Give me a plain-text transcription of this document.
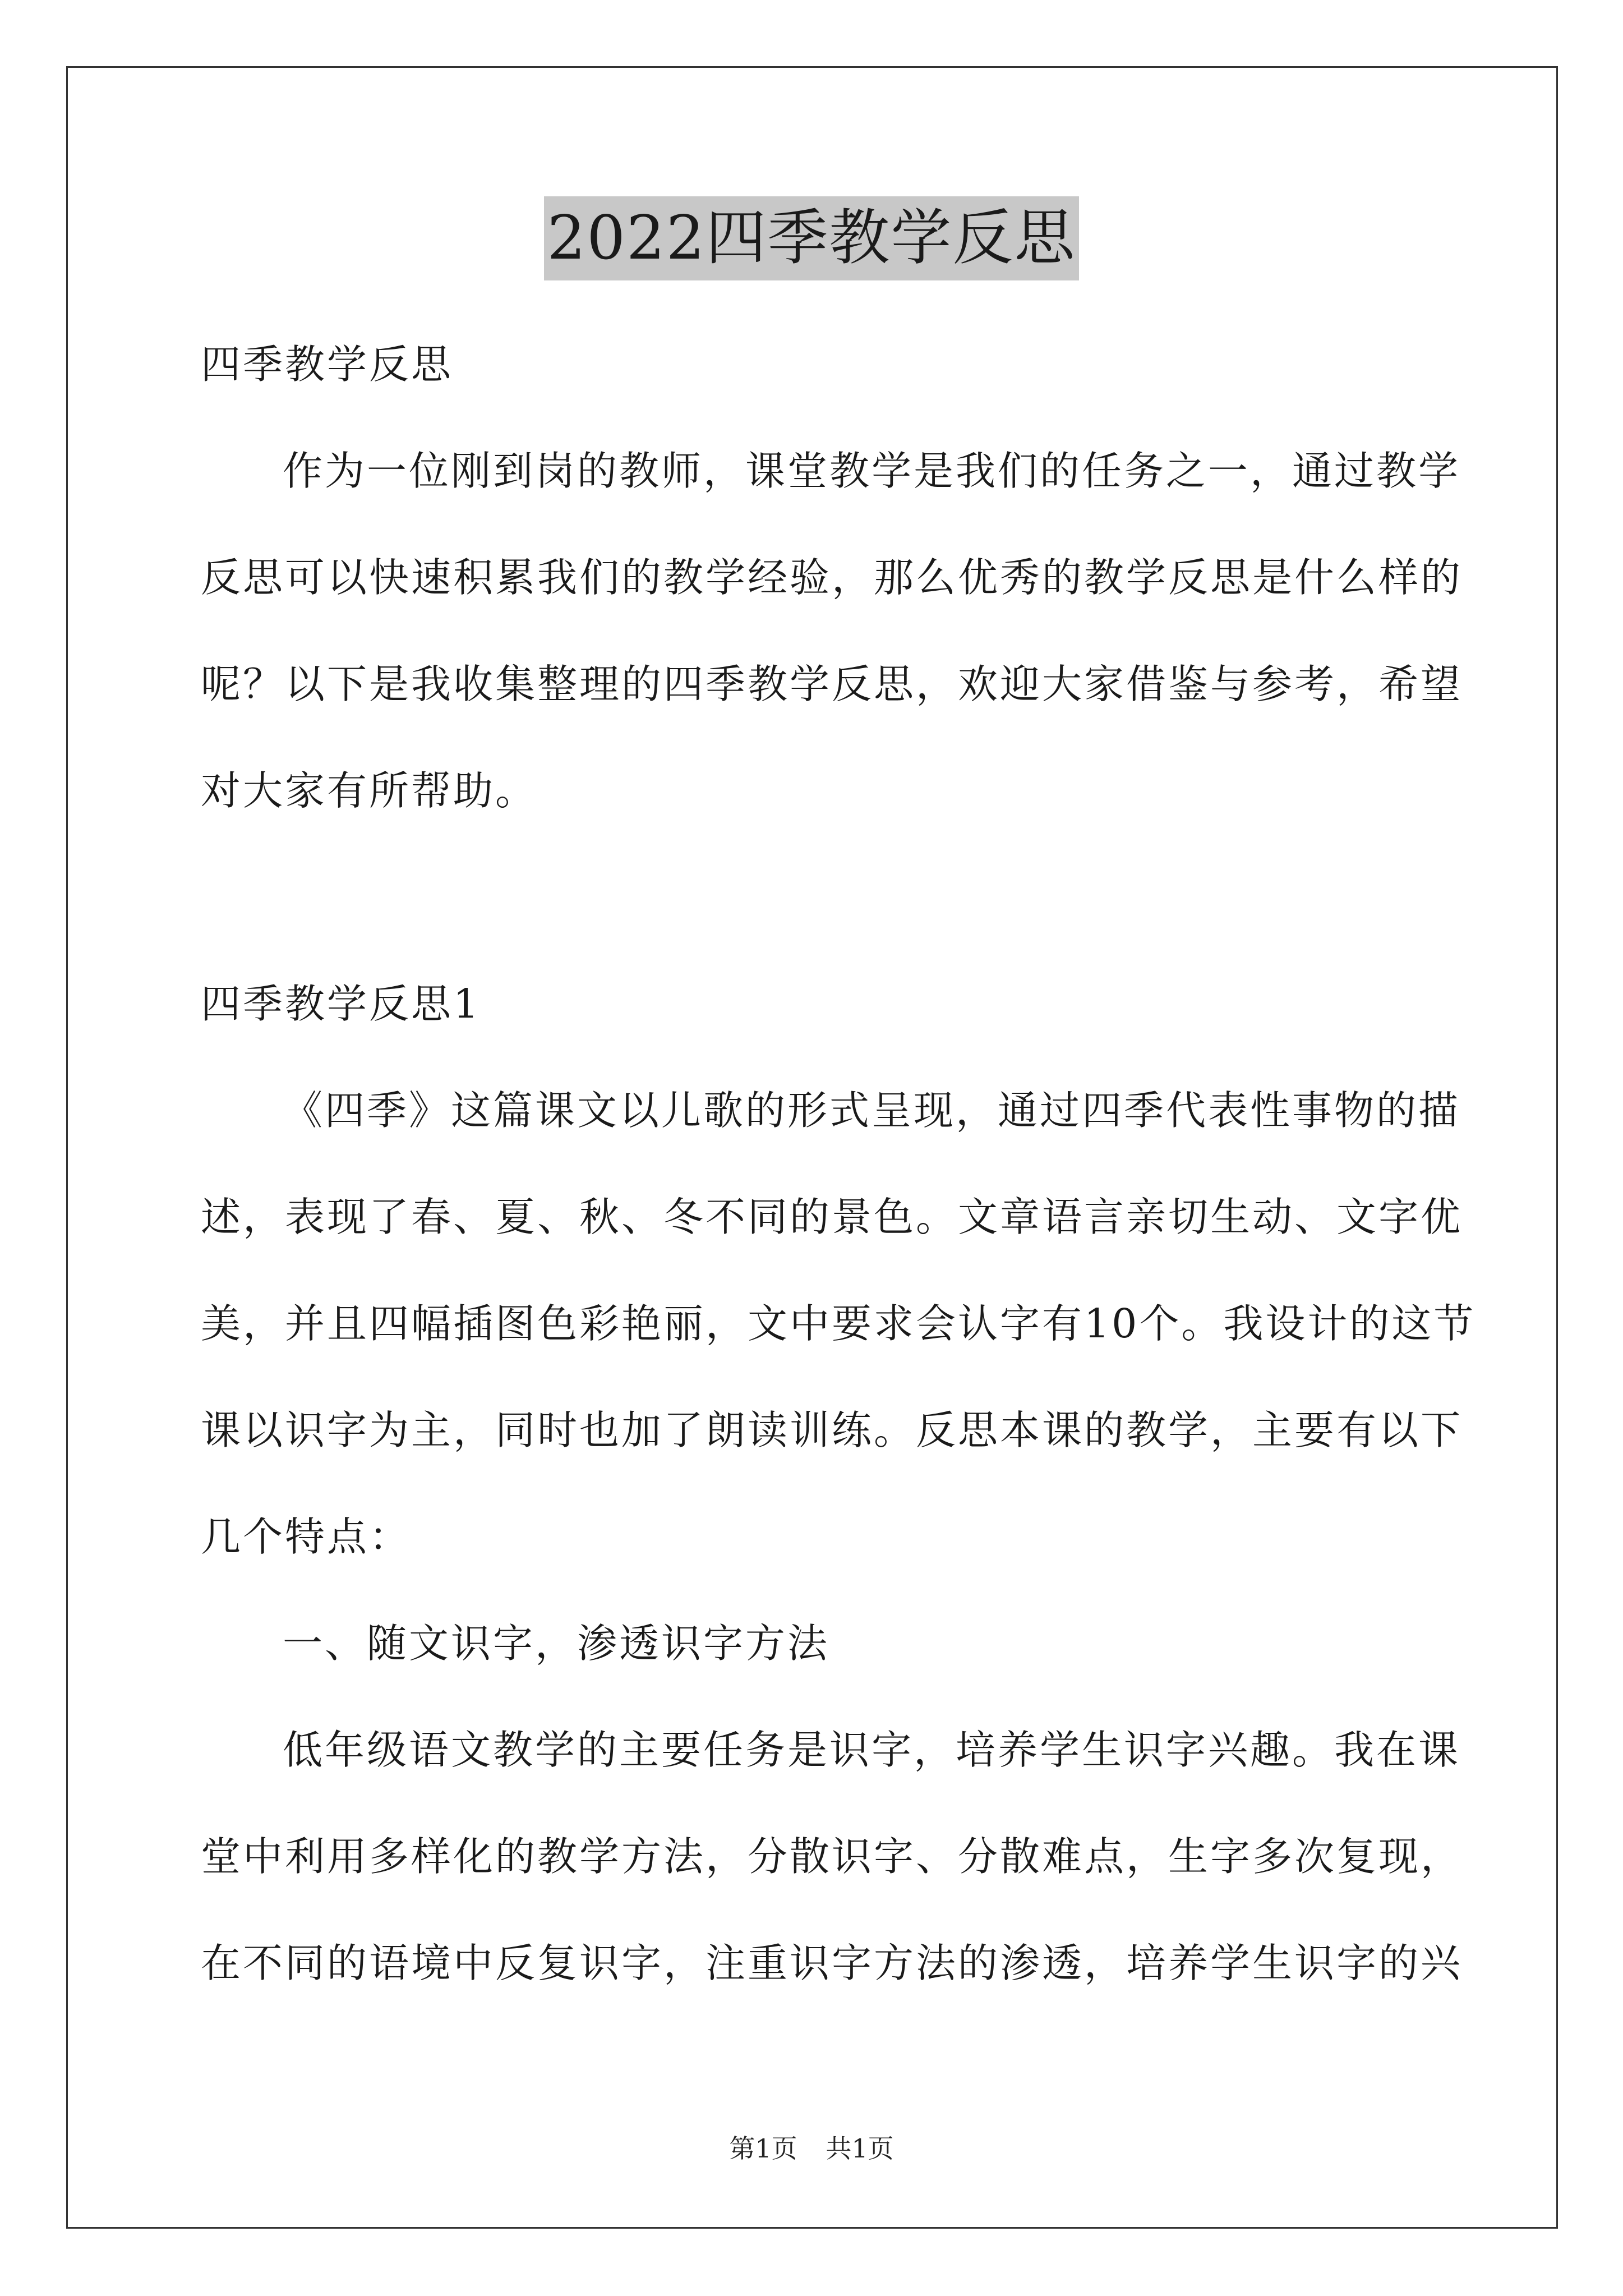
2022四季教学反思
四季教学反思
作为一位刚到岗的教师，课堂教学是我们的任务之一，通过教学
反思可以快速积累我们的教学经验，那么优秀的教学反思是什么样的
呢？以下是我收集整理的四季教学反思，欢迎大家借鉴与参考，希望
对大家有所帮助。
四季教学反思1
《四季》这篇课文以儿歌的形式呈现，通过四季代表性事物的描
述，表现了春、夏、秋、冬不同的景色。文章语言亲切生动、文字优
美，并且四幅插图色彩艳丽，文中要求会认字有10个。我设计的这节
课以识字为主，同时也加了朗读训练。反思本课的教学，主要有以下
几个特点：
一、随文识字，渗透识字方法
低年级语文教学的主要任务是识字，培养学生识字兴趣。我在课
堂中利用多样化的教学方法，分散识字、分散难点，生字多次复现，
在不同的语境中反复识字，注重识字方法的渗透，培养学生识字的兴
第1页 共1页
